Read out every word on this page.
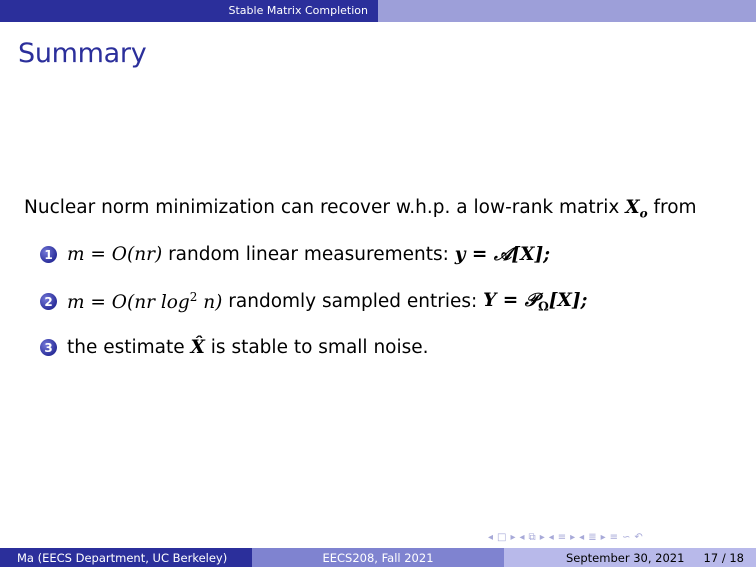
Stable Matrix Completion
Summary
Nuclear norm minimization can recover w.h.p. a low-rank matrix $X_o$ from
1 m = O(nr)
random linear measurements:
y = 𝒜[X];
2 m = O(nr $\log^2 n$)
randomly sampled entries:
Y = 𝒫$_\Omega$[X];
3 the estimate
X̂
is stable to small noise.
◂ □ ▸ ◂ ⧉ ▸ ◂ ≡ ▸ ◂ ≣ ▸ ≡ ∽ ↶
Ma (EECS Department, UC Berkeley)	EECS208, Fall 2021	September 30, 2021 17 / 18
